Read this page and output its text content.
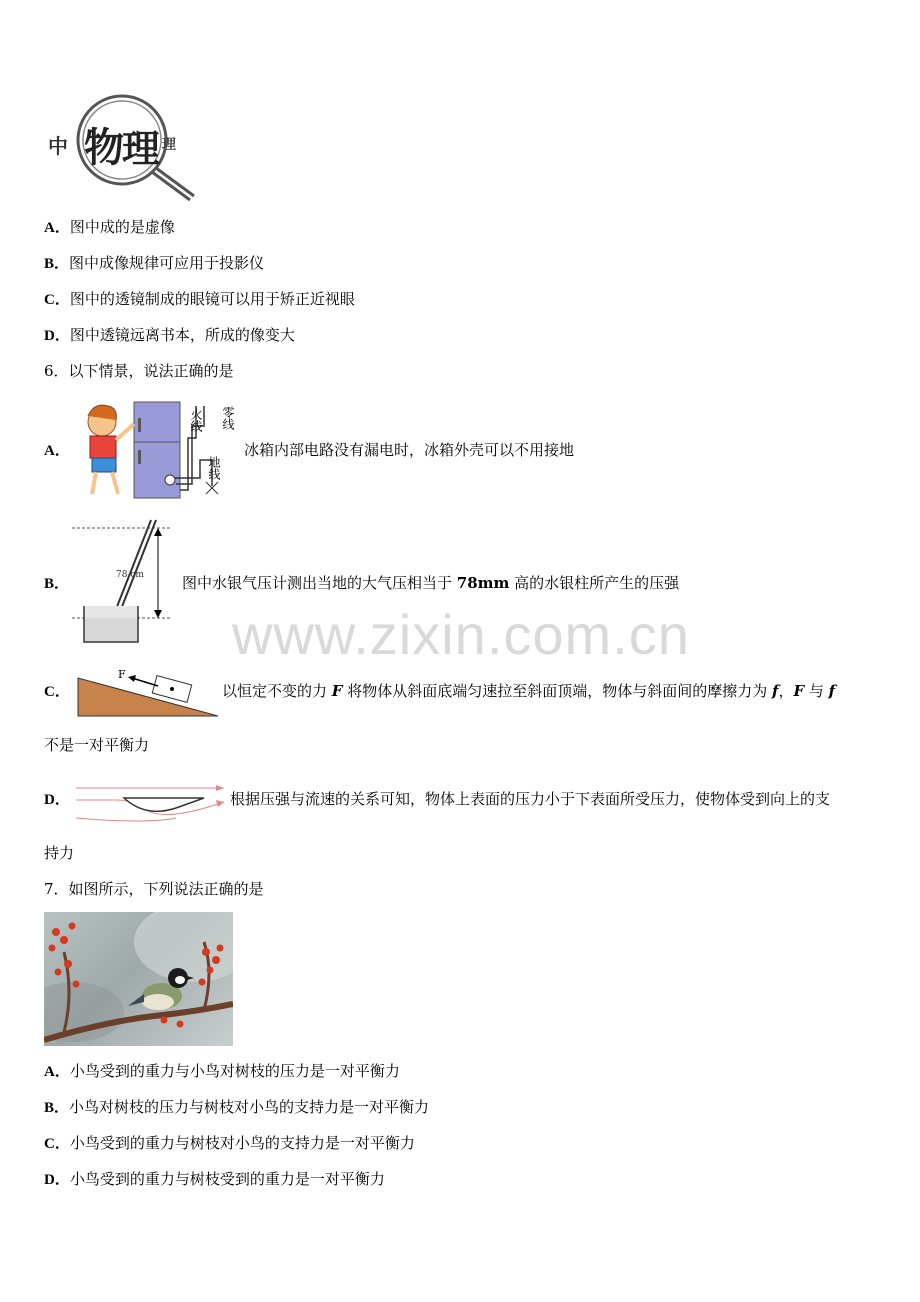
www.zixin.com.cn
中 物 理 理
A．图中成的是虚像
B．图中成像规律可应用于投影仪
C．图中的透镜制成的眼镜可以用于矫正近视眼
D．图中透镜远离书本，所成的像变大
6．以下情景，说法正确的是
A．
火线 零线
地线
冰箱内部电路没有漏电时，冰箱外壳可以不用接地
B．
78 cm	图中水银气压计测出当地的大气压相当于 78mm 高的水银柱所产生的压强
C．
F
以恒定不变的力 F 将物体从斜面底端匀速拉至斜面顶端，物体与斜面间的摩擦力为 f，F 与 f
不是一对平衡力
D．	根据压强与流速的关系可知，物体上表面的压力小于下表面所受压力，使物体受到向上的支
持力
7．如图所示，下列说法正确的是
A．小鸟受到的重力与小鸟对树枝的压力是一对平衡力
B．小鸟对树枝的压力与树枝对小鸟的支持力是一对平衡力
C．小鸟受到的重力与树枝对小鸟的支持力是一对平衡力
D．小鸟受到的重力与树枝受到的重力是一对平衡力
